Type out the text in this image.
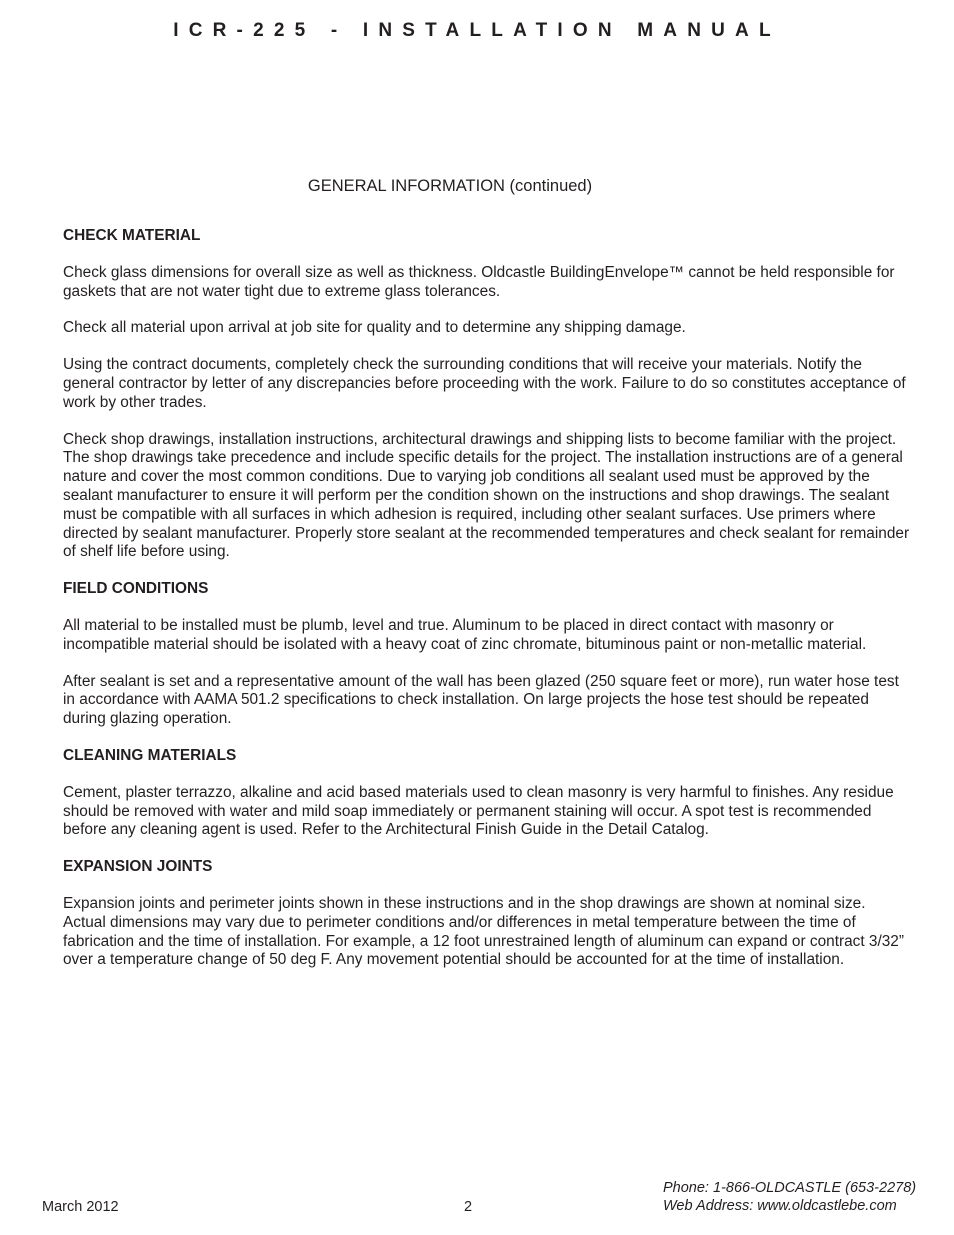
ICR-225 - INSTALLATION MANUAL
GENERAL INFORMATION (continued)
CHECK MATERIAL

Check glass dimensions for overall size as well as thickness. Oldcastle BuildingEnvelope™ cannot be held responsible for gaskets that are not water tight due to extreme glass tolerances.

Check all material upon arrival at job site for quality and to determine any shipping damage.

Using the contract documents, completely check the surrounding conditions that will receive your materials. Notify the general contractor by letter of any discrepancies before proceeding with the work. Failure to do so constitutes acceptance of work by other trades.

Check shop drawings, installation instructions, architectural drawings and shipping lists to become familiar with the project. The shop drawings take precedence and include specific details for the project. The installation instructions are of a general nature and cover the most common conditions. Due to varying job conditions all sealant used must be approved by the sealant manufacturer to ensure it will perform per the condition shown on the instructions and shop drawings. The sealant must be compatible with all surfaces in which adhesion is required, including other sealant surfaces. Use primers where directed by sealant manufacturer. Properly store sealant at the recommended temperatures and check sealant for remainder of shelf life before using.

FIELD CONDITIONS

All material to be installed must be plumb, level and true. Aluminum to be placed in direct contact with masonry or incompatible material should be isolated with a heavy coat of zinc chromate, bituminous paint or non-metallic material.

After sealant is set and a representative amount of the wall has been glazed (250 square feet or more), run water hose test in accordance with AAMA 501.2 specifications to check installation. On large projects the hose test should be repeated during glazing operation.

CLEANING MATERIALS

Cement, plaster terrazzo, alkaline and acid based materials used to clean masonry is very harmful to finishes. Any residue should be removed with water and mild soap immediately or permanent staining will occur. A spot test is recommended before any cleaning agent is used. Refer to the Architectural Finish Guide in the Detail Catalog.

EXPANSION JOINTS

Expansion joints and perimeter joints shown in these instructions and in the shop drawings are shown at nominal size. Actual dimensions may vary due to perimeter conditions and/or differences in metal temperature between the time of fabrication and the time of installation. For example, a 12 foot unrestrained length of aluminum can expand or contract 3/32” over a temperature change of 50 deg F. Any movement potential should be accounted for at the time of installation.

March 2012	2
Phone: 1-866-OLDCASTLE (653-2278)
Web Address: www.oldcastlebe.com
